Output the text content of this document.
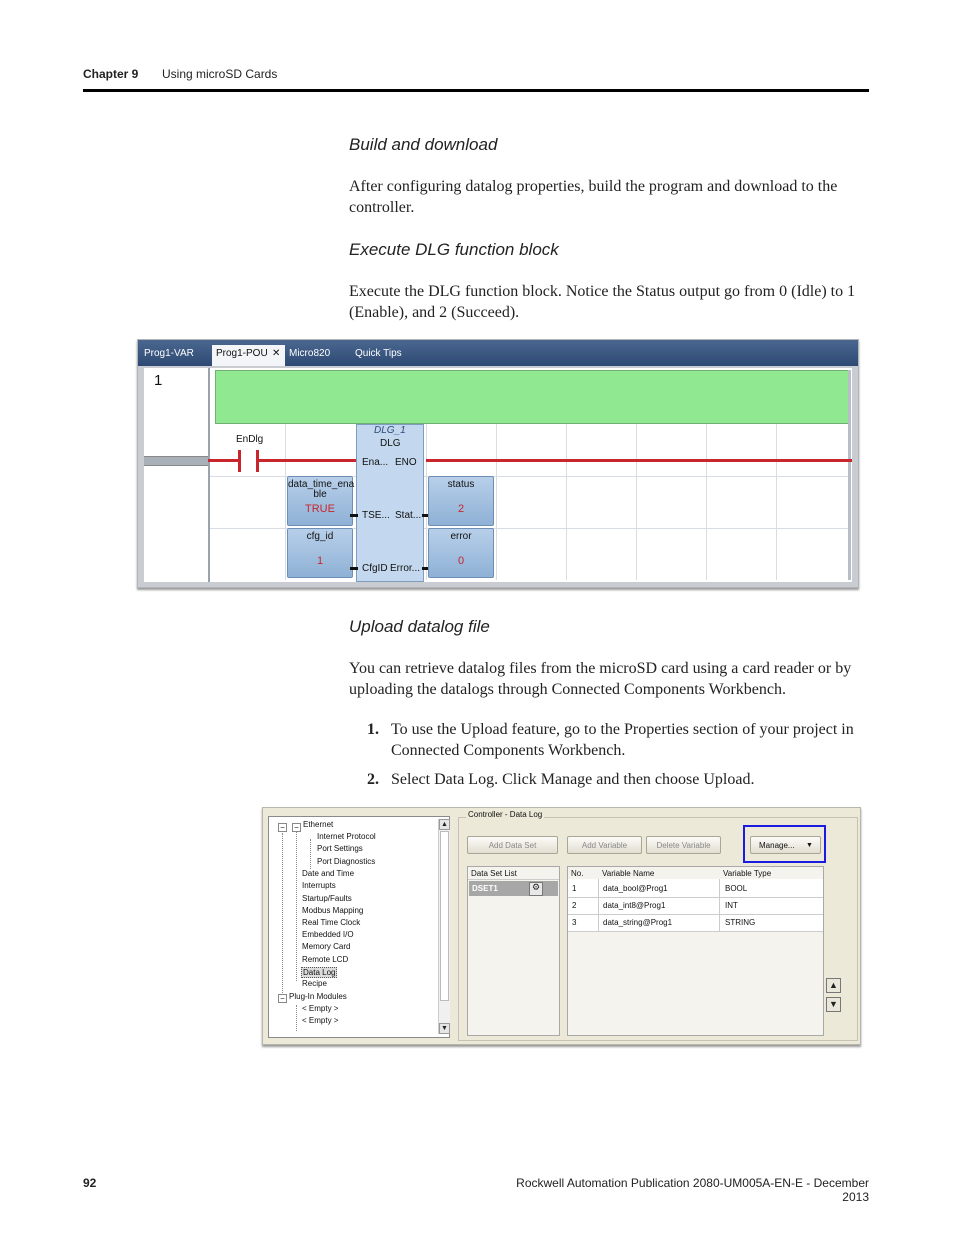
Chapter 9 Using microSD Cards
Build and download
After configuring datalog properties, build the program and download to the controller.
Execute DLG function block
Execute the DLG function block. Notice the Status output go from 0 (Idle) to 1 (Enable), and 2 (Succeed).
Prog1-VAR	Prog1-POU ✕ Micro820 Quick Tips
1
EnDlg
DLG_1
DLG
Ena... ENO
TSE... Stat...
CfgID Error...
data_time_ena
ble
TRUE
cfg_id
1
status
2
error
0
Upload datalog file
You can retrieve datalog files from the microSD card using a card reader or by uploading the datalogs through Connected Components Workbench.
1. To use the Upload feature, go to the Properties section of your project in Connected Components Workbench.
2. Select Data Log. Click Manage and then choose Upload.
−
−
− Ethernet
Internet Protocol
Port Settings
Port Diagnostics
Date and Time
Interrupts
Startup/Faults
Modbus Mapping
Real Time Clock
Embedded I/O
Memory Card
Remote LCD
Data Log
Recipe
Plug-In Modules
< Empty >
< Empty >
▲
▼
Controller - Data Log
Add Data Set	Add Variable	Delete Variable	Manage... ▼
Data Set List
DSET1	⚙
No. Variable Name	Variable Type
1	data_bool@Prog1	BOOL
2	data_int8@Prog1	INT
3	data_string@Prog1	STRING
▲
▼
92	Rockwell Automation Publication 2080-UM005A-EN-E - December 2013
